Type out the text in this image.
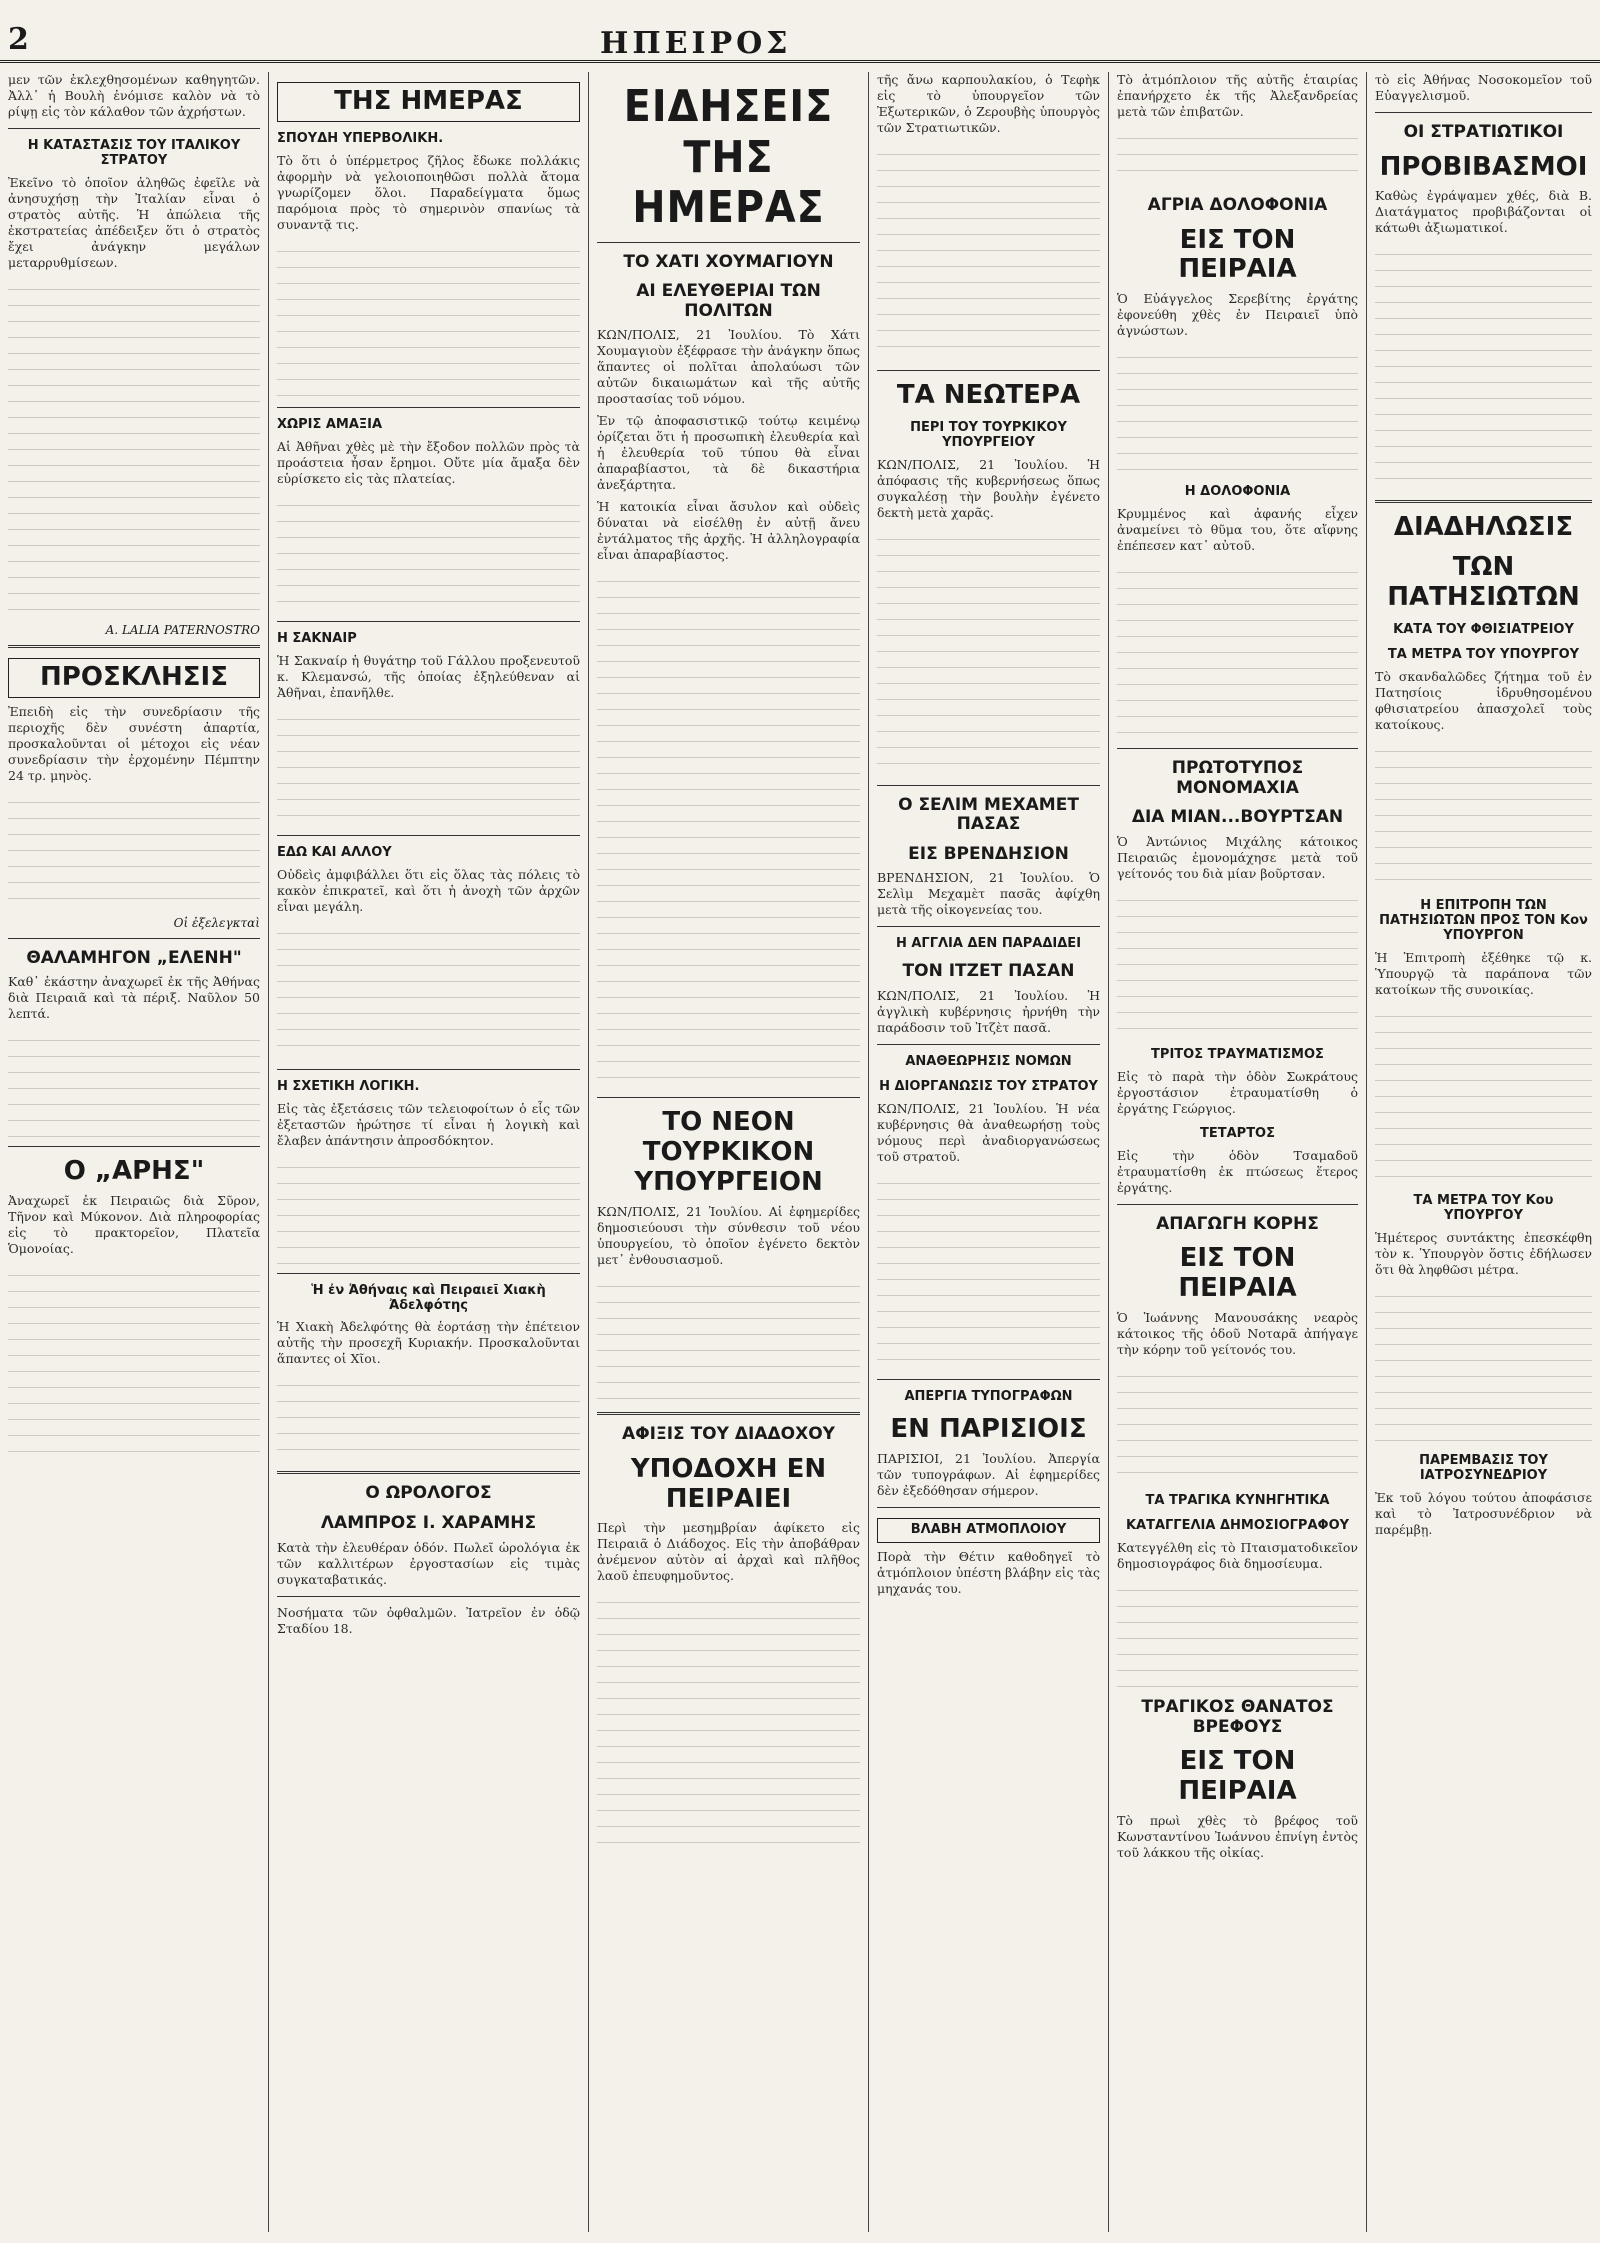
2	ΗΠΕΙΡΟΣ

μεν τῶν ἐκλεχθησομένων καθηγητῶν. Ἀλλ᾽ ἡ Βουλὴ ἐνόμισε καλὸν νὰ τὸ ρίψῃ εἰς τὸν κάλαθον τῶν ἀχρήστων.

Η ΚΑΤΑΣΤΑΣΙΣ ΤΟΥ ΙΤΑΛΙΚΟΥ ΣΤΡΑΤΟΥ

Ἐκεῖνο τὸ ὁποῖον ἀληθῶς ἐφεῖλε νὰ ἀνησυχήσῃ τὴν Ἰταλίαν εἶναι ὁ στρατὸς αὐτῆς. Ἡ ἀπώλεια τῆς ἐκστρατείας ἀπέδειξεν ὅτι ὁ στρατὸς ἔχει ἀνάγκην μεγάλων μεταρρυθμίσεων.

A. LALIA PATERNOSTRO
ΠΡΟΣΚΛΗΣΙΣ

Ἐπειδὴ εἰς τὴν συνεδρίασιν τῆς περιοχῆς δὲν συνέστη ἀπαρτία, προσκαλοῦνται οἱ μέτοχοι εἰς νέαν συνεδρίασιν τὴν ἐρχομένην Πέμπτην 24 τρ. μηνὸς.

Οἱ ἐξελεγκταὶ
ΘΑΛΑΜΗΓΟΝ „ΕΛΕΝΗ"

Καθ᾽ ἑκάστην ἀναχωρεῖ ἐκ τῆς Ἀθήνας διὰ Πειραιᾶ καὶ τὰ πέριξ. Ναῦλον 50 λεπτά.

Ο „ΑΡΗΣ"

Ἀναχωρεῖ ἐκ Πειραιῶς διὰ Σῦρον, Τῆνον καὶ Μύκονον. Διὰ πληροφορίας εἰς τὸ πρακτορεῖον, Πλατεῖα Ὁμονοίας.

ΤΗΣ ΗΜΕΡΑΣ
ΣΠΟΥΔΗ ΥΠΕΡΒΟΛΙΚΗ.

Τὸ ὅτι ὁ ὑπέρμετρος ζῆλος ἔδωκε πολλάκις ἀφορμὴν νὰ γελοιοποιηθῶσι πολλὰ ἄτομα γνωρίζομεν ὅλοι. Παραδείγματα ὅμως παρόμοια πρὸς τὸ σημερινὸν σπανίως τὰ συναντᾷ τις.

ΧΩΡΙΣ ΑΜΑΞΙΑ

Αἱ Ἀθῆναι χθὲς μὲ τὴν ἔξοδον πολλῶν πρὸς τὰ προάστεια ἦσαν ἔρημοι. Οὔτε μία ἄμαξα δὲν εὑρίσκετο εἰς τὰς πλατείας.

Η ΣΑΚΝΑΙΡ

Ἡ Σακναίρ ἡ θυγάτηρ τοῦ Γάλλου προξενευτοῦ κ. Κλεμανσώ, τῆς ὁποίας ἐξηλεύθεναν αἱ Ἀθῆναι, ἐπανῆλθε.

ΕΔΩ ΚΑΙ ΑΛΛΟΥ

Οὐδεὶς ἀμφιβάλλει ὅτι εἰς ὅλας τὰς πόλεις τὸ κακὸν ἐπικρατεῖ, καὶ ὅτι ἡ ἀνοχὴ τῶν ἀρχῶν εἶναι μεγάλη.

Η ΣΧΕΤΙΚΗ ΛΟΓΙΚΗ.

Εἰς τὰς ἐξετάσεις τῶν τελειοφοίτων ὁ εἷς τῶν ἐξεταστῶν ἠρώτησε τί εἶναι ἡ λογικὴ καὶ ἔλαβεν ἀπάντησιν ἀπροσδόκητον.

Ἡ ἐν Ἀθήναις καὶ Πειραιεῖ Χιακὴ Ἀδελφότης

Ἡ Χιακὴ Ἀδελφότης θὰ ἑορτάσῃ τὴν ἐπέτειον αὐτῆς τὴν προσεχῆ Κυριακήν. Προσκαλοῦνται ἅπαντες οἱ Χῖοι.

Ο ΩΡΟΛΟΓΟΣ
ΛΑΜΠΡΟΣ Ι. ΧΑΡΑΜΗΣ

Κατὰ τὴν ἐλευθέραν ὁδόν. Πωλεῖ ὡρολόγια ἐκ τῶν καλλιτέρων ἐργοστασίων εἰς τιμὰς συγκαταβατικάς.

Νοσήματα τῶν ὀφθαλμῶν. Ἰατρεῖον ἐν ὁδῷ Σταδίου 18.

ΕΙΔΗΣΕΙΣ ΤΗΣ ΗΜΕΡΑΣ
ΤΟ ΧΑΤΙ ΧΟΥΜΑΓΙΟΥΝ
ΑΙ ΕΛΕΥΘΕΡΙΑΙ ΤΩΝ ΠΟΛΙΤΩΝ

ΚΩΝ/ΠΟΛΙΣ, 21 Ἰουλίου. Τὸ Χάτι Χουμαγιοὺν ἐξέφρασε τὴν ἀνάγκην ὅπως ἅπαντες οἱ πολῖται ἀπολαύωσι τῶν αὐτῶν δικαιωμάτων καὶ τῆς αὐτῆς προστασίας τοῦ νόμου.

Ἐν τῷ ἀποφασιστικῷ τούτῳ κειμένῳ ὁρίζεται ὅτι ἡ προσωπικὴ ἐλευθερία καὶ ἡ ἐλευθερία τοῦ τύπου θὰ εἶναι ἀπαραβίαστοι, τὰ δὲ δικαστήρια ἀνεξάρτητα.

Ἡ κατοικία εἶναι ἄσυλον καὶ οὐδεὶς δύναται νὰ εἰσέλθῃ ἐν αὐτῇ ἄνευ ἐντάλματος τῆς ἀρχῆς. Ἡ ἀλληλογραφία εἶναι ἀπαραβίαστος.

ΤΟ ΝΕΟΝ ΤΟΥΡΚΙΚΟΝ ΥΠΟΥΡΓΕΙΟΝ

ΚΩΝ/ΠΟΛΙΣ, 21 Ἰουλίου. Αἱ ἐφημερίδες δημοσιεύουσι τὴν σύνθεσιν τοῦ νέου ὑπουργείου, τὸ ὁποῖον ἐγένετο δεκτὸν μετ᾽ ἐνθουσιασμοῦ.

ΑΦΙΞΙΣ ΤΟΥ ΔΙΑΔΟΧΟΥ
ΥΠΟΔΟΧΗ ΕΝ ΠΕΙΡΑΙΕΙ

Περὶ τὴν μεσημβρίαν ἀφίκετο εἰς Πειραιᾶ ὁ Διάδοχος. Εἰς τὴν ἀποβάθραν ἀνέμενον αὐτὸν αἱ ἀρχαὶ καὶ πλῆθος λαοῦ ἐπευφημοῦντος.

τῆς ἄνω καρπουλακίου, ὁ Τεφὴκ εἰς τὸ ὑπουργεῖον τῶν Ἐξωτερικῶν, ὁ Ζερουβὴς ὑπουργὸς τῶν Στρατιωτικῶν.

ΤΑ ΝΕΩΤΕΡΑ
ΠΕΡΙ ΤΟΥ ΤΟΥΡΚΙΚΟΥ ΥΠΟΥΡΓΕΙΟΥ

ΚΩΝ/ΠΟΛΙΣ, 21 Ἰουλίου. Ἡ ἀπόφασις τῆς κυβερνήσεως ὅπως συγκαλέσῃ τὴν βουλὴν ἐγένετο δεκτὴ μετὰ χαρᾶς.

Ο ΣΕΛΙΜ ΜΕΧΑΜΕΤ ΠΑΣΑΣ
ΕΙΣ ΒΡΕΝΔΗΣΙΟΝ

ΒΡΕΝΔΗΣΙΟΝ, 21 Ἰουλίου. Ὁ Σελὶμ Μεχαμὲτ πασᾶς ἀφίχθη μετὰ τῆς οἰκογενείας του.

Η ΑΓΓΛΙΑ ΔΕΝ ΠΑΡΑΔΙΔΕΙ
ΤΟΝ ΙΤΖΕΤ ΠΑΣΑΝ

ΚΩΝ/ΠΟΛΙΣ, 21 Ἰουλίου. Ἡ ἀγγλικὴ κυβέρνησις ἠρνήθη τὴν παράδοσιν τοῦ Ἰτζὲτ πασᾶ.

ΑΝΑΘΕΩΡΗΣΙΣ ΝΟΜΩΝ
Η ΔΙΟΡΓΑΝΩΣΙΣ ΤΟΥ ΣΤΡΑΤΟΥ

ΚΩΝ/ΠΟΛΙΣ, 21 Ἰουλίου. Ἡ νέα κυβέρνησις θὰ ἀναθεωρήσῃ τοὺς νόμους περὶ ἀναδιοργανώσεως τοῦ στρατοῦ.

ΑΠΕΡΓΙΑ ΤΥΠΟΓΡΑΦΩΝ
ΕΝ ΠΑΡΙΣΙΟΙΣ

ΠΑΡΙΣΙΟΙ, 21 Ἰουλίου. Ἀπεργία τῶν τυπογράφων. Αἱ ἐφημερίδες δὲν ἐξεδόθησαν σήμερον.

ΒΛΑΒΗ ΑΤΜΟΠΛΟΙΟΥ

Πορὰ τὴν Θέτιν καθοδηγεῖ τὸ ἀτμόπλοιον ὑπέστη βλάβην εἰς τὰς μηχανάς του.

Τὸ ἀτμόπλοιον τῆς αὐτῆς ἑταιρίας ἐπανήρχετο ἐκ τῆς Ἀλεξανδρείας μετὰ τῶν ἐπιβατῶν.

ΑΓΡΙΑ ΔΟΛΟΦΟΝΙΑ
ΕΙΣ ΤΟΝ ΠΕΙΡΑΙΑ

Ὁ Εὐάγγελος Σερεβίτης ἐργάτης ἐφονεύθη χθὲς ἐν Πειραιεῖ ὑπὸ ἀγνώστων.

Η ΔΟΛΟΦΟΝΙΑ

Κρυμμένος καὶ ἀφανής εἶχεν ἀναμείνει τὸ θῦμα του, ὅτε αἴφνης ἐπέπεσεν κατ᾽ αὐτοῦ.

ΠΡΩΤΟΤΥΠΟΣ ΜΟΝΟΜΑΧΙΑ
ΔΙΑ ΜΙΑΝ...ΒΟΥΡΤΣΑΝ

Ὁ Ἀντώνιος Μιχάλης κάτοικος Πειραιῶς ἐμονομάχησε μετὰ τοῦ γείτονός του διὰ μίαν βοῦρτσαν.

ΤΡΙΤΟΣ ΤΡΑΥΜΑΤΙΣΜΟΣ

Εἰς τὸ παρὰ τὴν ὁδὸν Σωκράτους ἐργοστάσιον ἐτραυματίσθη ὁ ἐργάτης Γεώργιος.

ΤΕΤΑΡΤΟΣ

Εἰς τὴν ὁδὸν Τσαμαδοῦ ἐτραυματίσθη ἐκ πτώσεως ἕτερος ἐργάτης.

ΑΠΑΓΩΓΗ ΚΟΡΗΣ
ΕΙΣ ΤΟΝ ΠΕΙΡΑΙΑ

Ὁ Ἰωάννης Μανουσάκης νεαρὸς κάτοικος τῆς ὁδοῦ Νοταρᾶ ἀπήγαγε τὴν κόρην τοῦ γείτονός του.

ΤΑ ΤΡΑΓΙΚΑ ΚΥΝΗΓΗΤΙΚΑ
ΚΑΤΑΓΓΕΛΙΑ ΔΗΜΟΣΙΟΓΡΑΦΟΥ

Κατεγγέλθη εἰς τὸ Πταισματοδικεῖον δημοσιογράφος διὰ δημοσίευμα.

ΤΡΑΓΙΚΟΣ ΘΑΝΑΤΟΣ ΒΡΕΦΟΥΣ
ΕΙΣ ΤΟΝ ΠΕΙΡΑΙΑ

Τὸ πρωὶ χθὲς τὸ βρέφος τοῦ Κωνσταντίνου Ἰωάννου ἐπνίγη ἐντὸς τοῦ λάκκου τῆς οἰκίας.

τὸ εἰς Ἀθήνας Νοσοκομεῖον τοῦ Εὐαγγελισμοῦ.

ΟΙ ΣΤΡΑΤΙΩΤΙΚΟΙ
ΠΡΟΒΙΒΑΣΜΟΙ

Καθὼς ἐγράψαμεν χθές, διὰ Β. Διατάγματος προβιβάζονται οἱ κάτωθι ἀξιωματικοί.

ΔΙΑΔΗΛΩΣΙΣ
ΤΩΝ ΠΑΤΗΣΙΩΤΩΝ
ΚΑΤΑ ΤΟΥ ΦΘΙΣΙΑΤΡΕΙΟΥ
ΤΑ ΜΕΤΡΑ ΤΟΥ ΥΠΟΥΡΓΟΥ

Τὸ σκανδαλῶδες ζήτημα τοῦ ἐν Πατησίοις ἱδρυθησομένου φθισιατρείου ἀπασχολεῖ τοὺς κατοίκους.

Η ΕΠΙΤΡΟΠΗ ΤΩΝ ΠΑΤΗΣΙΩΤΩΝ ΠΡΟΣ ΤΟΝ Κον ΥΠΟΥΡΓΟΝ

Ἡ Ἐπιτροπὴ ἐξέθηκε τῷ κ. Ὑπουργῷ τὰ παράπονα τῶν κατοίκων τῆς συνοικίας.

ΤΑ ΜΕΤΡΑ ΤΟΥ Κου ΥΠΟΥΡΓΟΥ

Ἡμέτερος συντάκτης ἐπεσκέφθη τὸν κ. Ὑπουργὸν ὅστις ἐδήλωσεν ὅτι θὰ ληφθῶσι μέτρα.

ΠΑΡΕΜΒΑΣΙΣ ΤΟΥ ΙΑΤΡΟΣΥΝΕΔΡΙΟΥ

Ἐκ τοῦ λόγου τούτου ἀποφάσισε καὶ τὸ Ἰατροσυνέδριον νὰ παρέμβῃ.
